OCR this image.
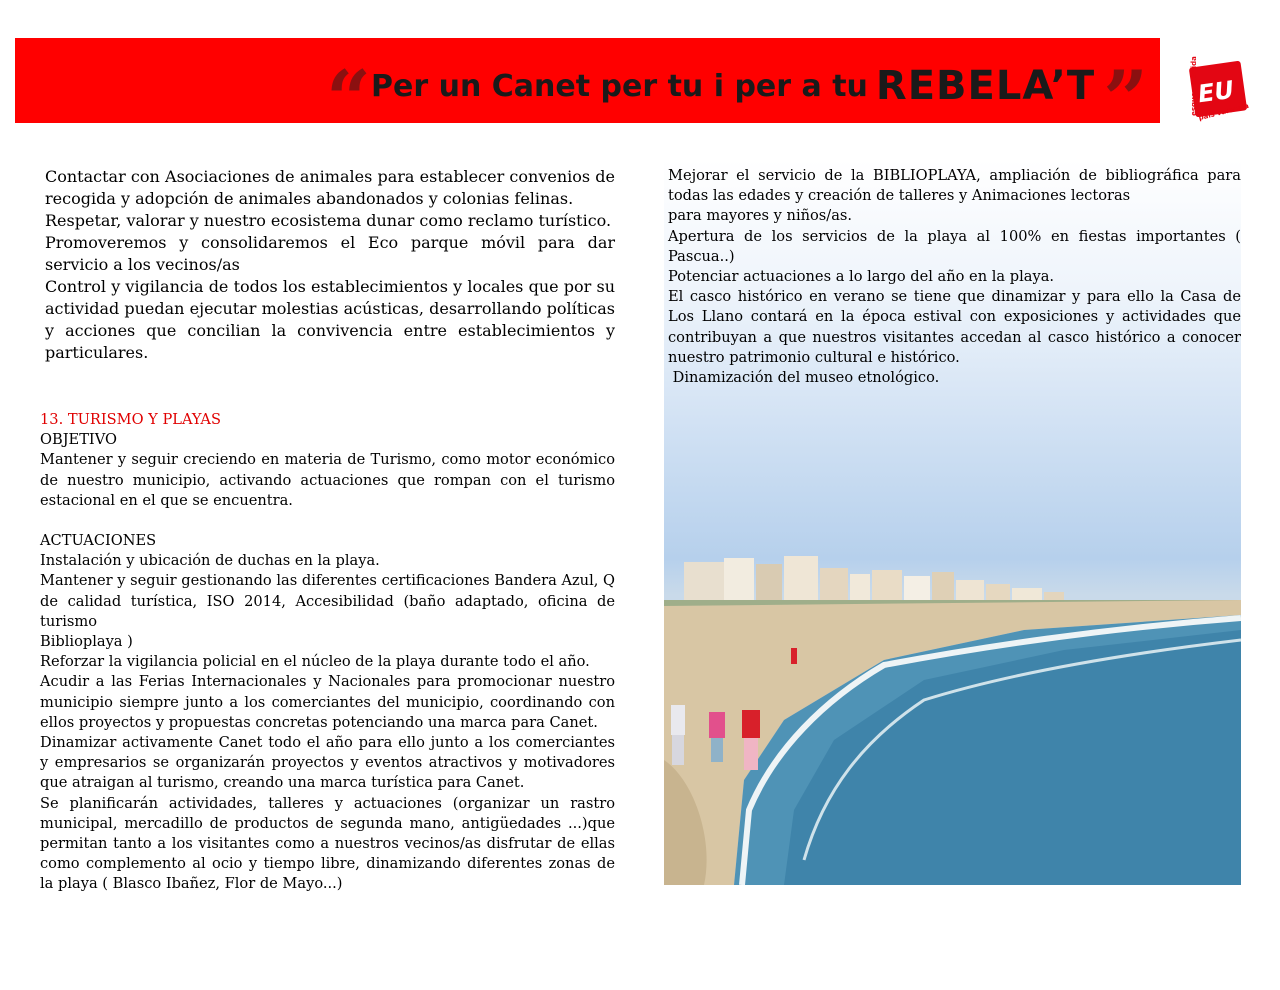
“ Per un Canet per tu i per a tu REBELA’T ” EU
esquerra unida país valencià

Contactar con Asociaciones de animales para establecer convenios de recogida y adopción de animales abandonados y colonias felinas.

Respetar, valorar y nuestro ecosistema dunar como reclamo turístico.

Promoveremos y consolidaremos el Eco parque móvil para dar servicio a los vecinos/as

Control y vigilancia de todos los establecimientos y locales que por su actividad puedan ejecutar molestias acústicas, desarrollando políticas y acciones que concilian la convivencia entre establecimientos y particulares.

13. TURISMO Y PLAYAS

OBJETIVO

Mantener y seguir creciendo en materia de Turismo, como motor económico de nuestro municipio, activando actuaciones que rompan con el turismo estacional en el que se encuentra.

ACTUACIONES

Instalación y ubicación de duchas en la playa.

Mantener y seguir gestionando las diferentes certificaciones Bandera Azul, Q de calidad turística, ISO 2014, Accesibilidad (baño adaptado, oficina de turismo

Biblioplaya )

Reforzar la vigilancia policial en el núcleo de la playa durante todo el año.

Acudir a las Ferias Internacionales y Nacionales para promocionar nuestro municipio siempre junto a los comerciantes del municipio, coordinando con ellos proyectos y propuestas concretas potenciando una marca para Canet.

Dinamizar activamente Canet todo el año para ello junto a los comerciantes y empresarios se organizarán proyectos y eventos atractivos y motivadores que atraigan al turismo, creando una marca turística para Canet.

Se planificarán actividades, talleres y actuaciones (organizar un rastro municipal, mercadillo de productos de segunda mano, antigüedades ...)que permitan tanto a los visitantes como a nuestros vecinos/as disfrutar de ellas como complemento al ocio y tiempo libre, dinamizando diferentes zonas de la playa ( Blasco Ibañez, Flor de Mayo...)

Mejorar el servicio de la BIBLIOPLAYA, ampliación de bibliográfica para todas las edades y creación de talleres y Animaciones lectoras

para mayores y niños/as.

Apertura de los servicios de la playa al 100% en fiestas importantes ( Pascua..)

Potenciar actuaciones a lo largo del año en la playa.

El casco histórico en verano se tiene que dinamizar y para ello la Casa de Los Llano contará en la época estival con exposiciones y actividades que contribuyan a que nuestros visitantes accedan al casco histórico a conocer nuestro patrimonio cultural e histórico.

Dinamización del museo etnológico.
